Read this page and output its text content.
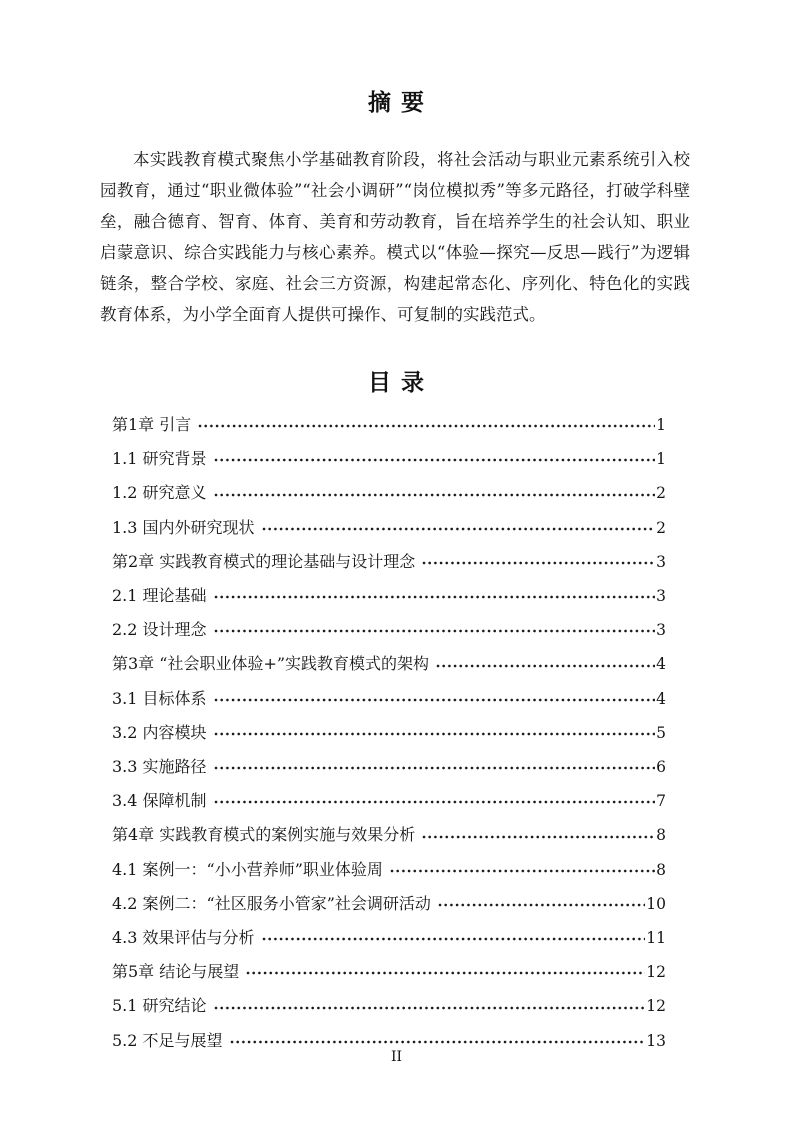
摘 要

本实践教育模式聚焦小学基础教育阶段，将社会活动与职业元素系统引入校园教育，通过“职业微体验”“社会小调研”“岗位模拟秀”等多元路径，打破学科壁垒，融合德育、智育、体育、美育和劳动教育，旨在培养学生的社会认知、职业启蒙意识、综合实践能力与核心素养。模式以“体验—探究—反思—践行”为逻辑链条，整合学校、家庭、社会三方资源，构建起常态化、序列化、特色化的实践教育体系，为小学全面育人提供可操作、可复制的实践范式。

目 录
第1章 引言	1
1.1 研究背景	1
1.2 研究意义	2
1.3 国内外研究现状	2
第2章 实践教育模式的理论基础与设计理念	3
2.1 理论基础	3
2.2 设计理念	3
第3章 “社会职业体验+”实践教育模式的架构	4
3.1 目标体系	4
3.2 内容模块	5
3.3 实施路径	6
3.4 保障机制	7
第4章 实践教育模式的案例实施与效果分析	8
4.1 案例一：“小小营养师”职业体验周	8
4.2 案例二：“社区服务小管家”社会调研活动	10
4.3 效果评估与分析	11
第5章 结论与展望	12
5.1 研究结论	12
5.2 不足与展望	13
II
